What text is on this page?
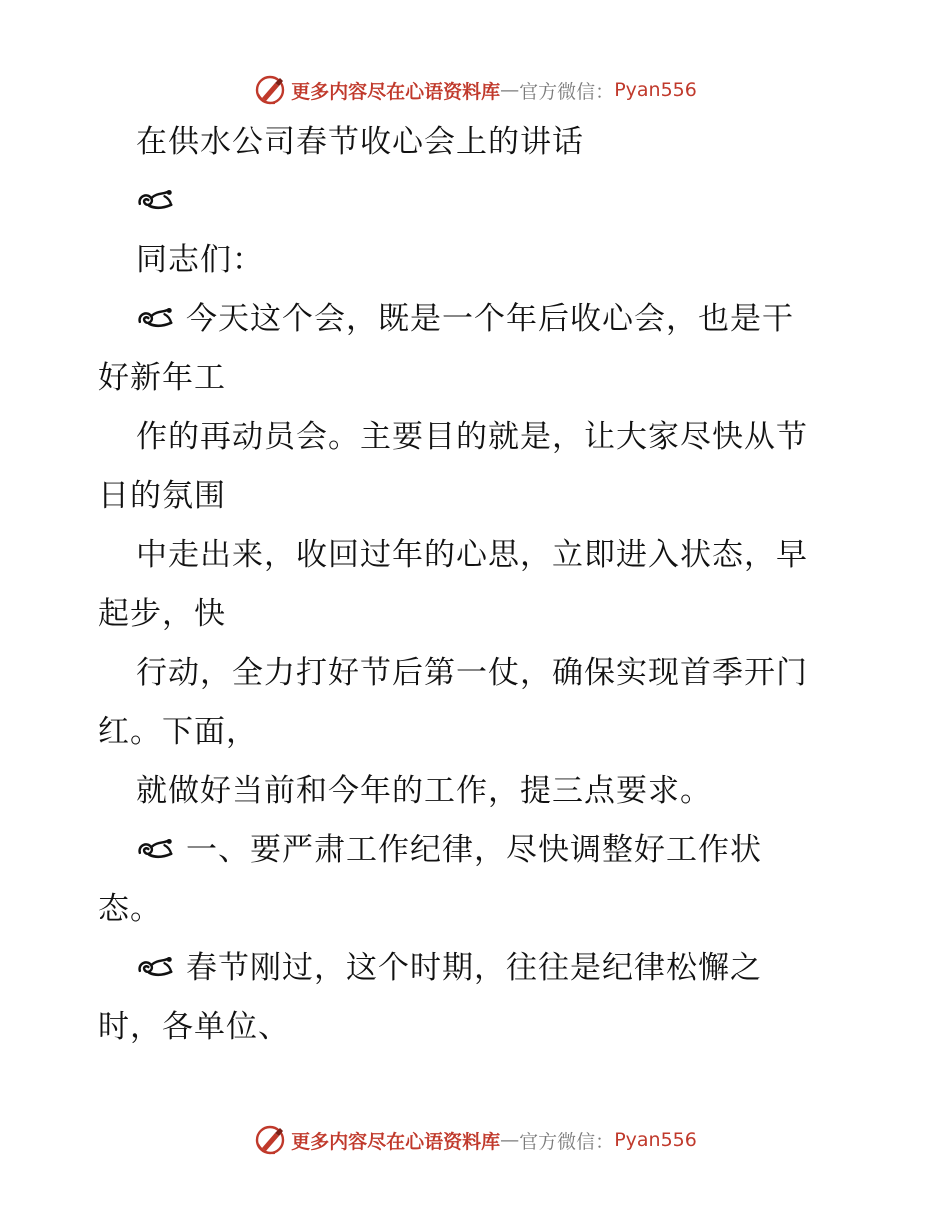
更多内容尽在心语资料库 — 官方微信： Pyan556
在供水公司春节收心会上的讲话
同志们：
今天这个会，既是一个年后收心会，也是干
好新年工
作的再动员会。主要目的就是，让大家尽快从节
日的氛围
中走出来，收回过年的心思，立即进入状态，早
起步，快
行动，全力打好节后第一仗，确保实现首季开门
红。下面，
就做好当前和今年的工作，提三点要求。
一、要严肃工作纪律，尽快调整好工作状
态。
春节刚过，这个时期，往往是纪律松懈之
时，各单位、
更多内容尽在心语资料库 — 官方微信： Pyan556
